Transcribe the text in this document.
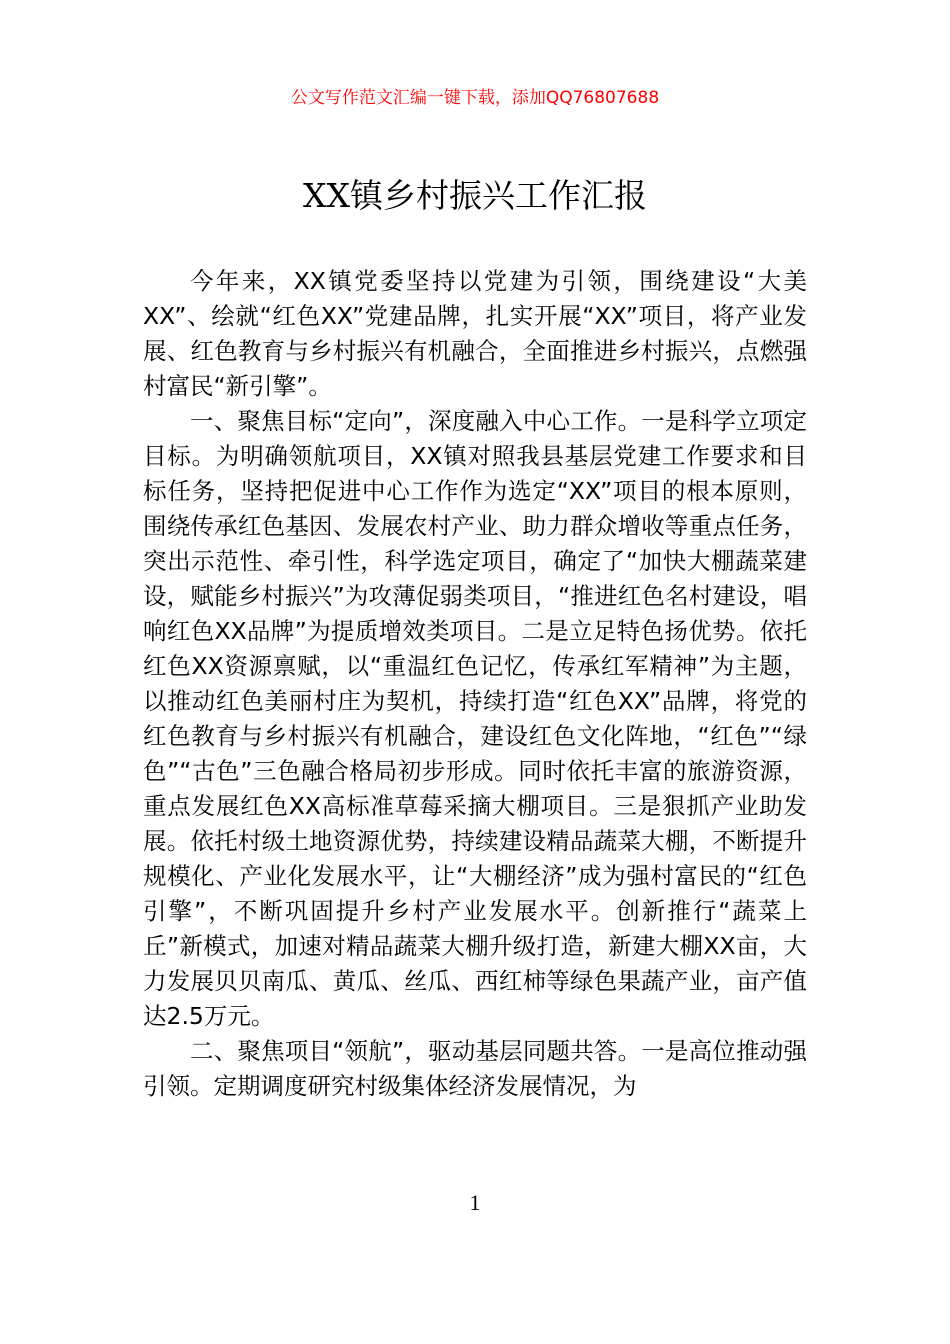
公文写作范文汇编一键下载，添加QQ76807688
XX镇乡村振兴工作汇报

今年来，XX镇党委坚持以党建为引领，围绕建设“大美XX”、绘就“红色XX”党建品牌，扎实开展“XX”项目，将产业发展、红色教育与乡村振兴有机融合，全面推进乡村振兴，点燃强村富民“新引擎”。

一、聚焦目标“定向”，深度融入中心工作。一是科学立项定目标。为明确领航项目，XX镇对照我县基层党建工作要求和目标任务，坚持把促进中心工作作为选定“XX”项目的根本原则，围绕传承红色基因、发展农村产业、助力群众增收等重点任务，突出示范性、牵引性，科学选定项目，确定了“加快大棚蔬菜建设，赋能乡村振兴”为攻薄促弱类项目，“推进红色名村建设，唱响红色XX品牌”为提质增效类项目。二是立足特色扬优势。依托红色XX资源禀赋，以“重温红色记忆，传承红军精神”为主题，以推动红色美丽村庄为契机，持续打造“红色XX”品牌，将党的红色教育与乡村振兴有机融合，建设红色文化阵地，“红色”“绿色”“古色”三色融合格局初步形成。同时依托丰富的旅游资源，重点发展红色XX高标准草莓采摘大棚项目。三是狠抓产业助发展。依托村级土地资源优势，持续建设精品蔬菜大棚，不断提升规模化、产业化发展水平，让“大棚经济”成为强村富民的“红色引擎”，不断巩固提升乡村产业发展水平。创新推行“蔬菜上丘”新模式，加速对精品蔬菜大棚升级打造，新建大棚XX亩，大力发展贝贝南瓜、黄瓜、丝瓜、西红柿等绿色果蔬产业，亩产值达2.5万元。

二、聚焦项目“领航”，驱动基层同题共答。一是高位推动强引领。定期调度研究村级集体经济发展情况，为

1
